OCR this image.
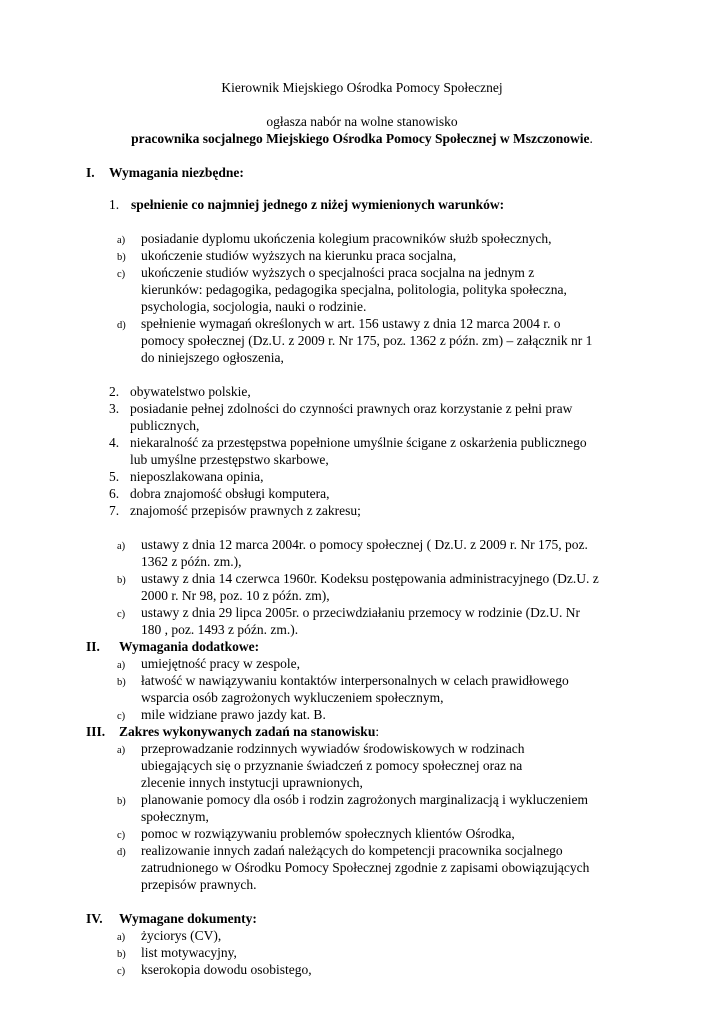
Kierownik Miejskiego Ośrodka Pomocy Społecznej
ogłasza nabór na wolne stanowisko
pracownika socjalnego Miejskiego Ośrodka Pomocy Społecznej w Mszczonowie.
I. Wymagania niezbędne:
1. spełnienie co najmniej jednego z niżej wymienionych warunków:
a) posiadanie dyplomu ukończenia kolegium pracowników służb społecznych,
b) ukończenie studiów wyższych na kierunku praca socjalna,
c) ukończenie studiów wyższych o specjalności praca socjalna na jednym z
kierunków: pedagogika, pedagogika specjalna, politologia, polityka społeczna,
psychologia, socjologia, nauki o rodzinie.
d) spełnienie wymagań określonych w art. 156 ustawy z dnia 12 marca 2004 r. o
pomocy społecznej (Dz.U. z 2009 r. Nr 175, poz. 1362 z późn. zm) – załącznik nr 1
do niniejszego ogłoszenia,
2. obywatelstwo polskie,
3. posiadanie pełnej zdolności do czynności prawnych oraz korzystanie z pełni praw
publicznych,
4. niekaralność za przestępstwa popełnione umyślnie ścigane z oskarżenia publicznego
lub umyślne przestępstwo skarbowe,
5. nieposzlakowana opinia,
6. dobra znajomość obsługi komputera,
7. znajomość przepisów prawnych z zakresu;
a) ustawy z dnia 12 marca 2004r. o pomocy społecznej ( Dz.U. z 2009 r. Nr 175, poz.
1362 z późn. zm.),
b) ustawy z dnia 14 czerwca 1960r. Kodeksu postępowania administracyjnego (Dz.U. z
2000 r. Nr 98, poz. 10 z późn. zm),
c) ustawy z dnia 29 lipca 2005r. o przeciwdziałaniu przemocy w rodzinie (Dz.U. Nr
180 , poz. 1493 z późn. zm.).
II. Wymagania dodatkowe:
a) umiejętność pracy w zespole,
b) łatwość w nawiązywaniu kontaktów interpersonalnych w celach prawidłowego
wsparcia osób zagrożonych wykluczeniem społecznym,
c) mile widziane prawo jazdy kat. B.
III. Zakres wykonywanych zadań na stanowisku:
a) przeprowadzanie rodzinnych wywiadów środowiskowych w rodzinach
ubiegających się o przyznanie świadczeń z pomocy społecznej oraz na
zlecenie innych instytucji uprawnionych,
b) planowanie pomocy dla osób i rodzin zagrożonych marginalizacją i wykluczeniem
społecznym,
c) pomoc w rozwiązywaniu problemów społecznych klientów Ośrodka,
d) realizowanie innych zadań należących do kompetencji pracownika socjalnego
zatrudnionego w Ośrodku Pomocy Społecznej zgodnie z zapisami obowiązujących
przepisów prawnych.
IV. Wymagane dokumenty:
a) życiorys (CV),
b) list motywacyjny,
c) kserokopia dowodu osobistego,
